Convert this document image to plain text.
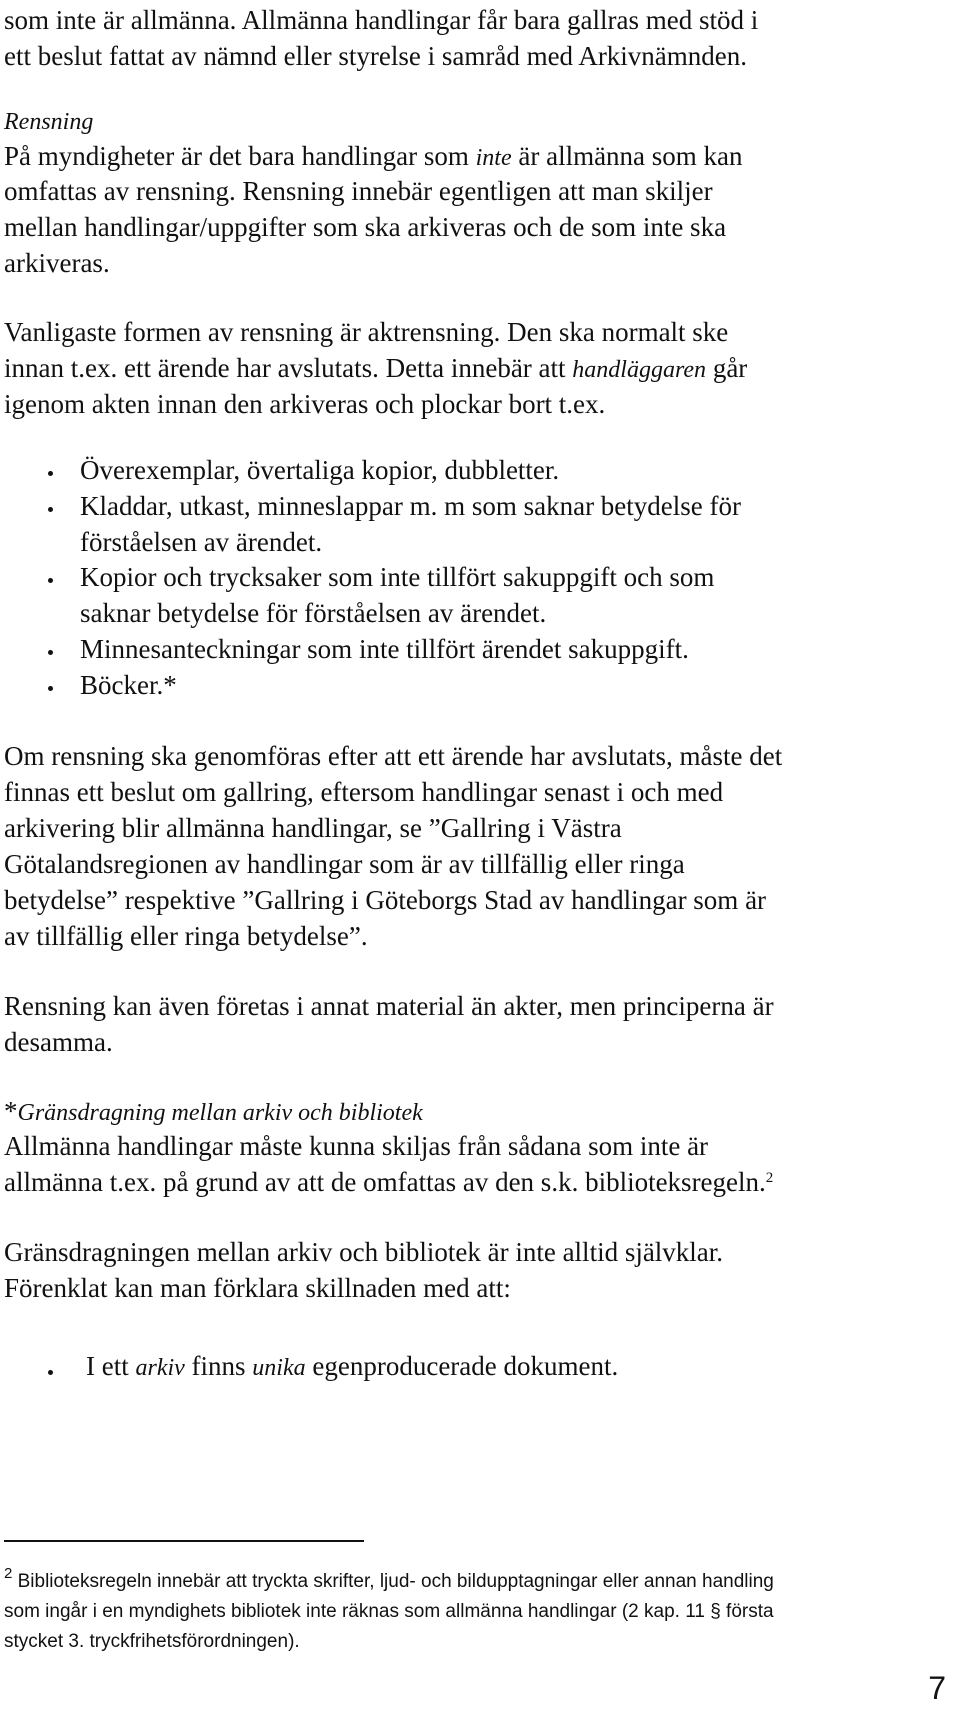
som inte är allmänna. Allmänna handlingar får bara gallras med stöd i
ett beslut fattat av nämnd eller styrelse i samråd med Arkivnämnden.
Rensning
På myndigheter är det bara handlingar som inte är allmänna som kan
omfattas av rensning. Rensning innebär egentligen att man skiljer
mellan handlingar/uppgifter som ska arkiveras och de som inte ska
arkiveras.
Vanligaste formen av rensning är aktrensning. Den ska normalt ske
innan t.ex. ett ärende har avslutats. Detta innebär att handläggaren går
igenom akten innan den arkiveras och plockar bort t.ex.
Överexemplar, övertaliga kopior, dubbletter.
Kladdar, utkast, minneslappar m. m som saknar betydelse för
förståelsen av ärendet.
Kopior och trycksaker som inte tillfört sakuppgift och som
saknar betydelse för förståelsen av ärendet.
Minnesanteckningar som inte tillfört ärendet sakuppgift.
Böcker.*
Om rensning ska genomföras efter att ett ärende har avslutats, måste det
finnas ett beslut om gallring, eftersom handlingar senast i och med
arkivering blir allmänna handlingar, se ”Gallring i Västra
Götalandsregionen av handlingar som är av tillfällig eller ringa
betydelse” respektive ”Gallring i Göteborgs Stad av handlingar som är
av tillfällig eller ringa betydelse”.
Rensning kan även företas i annat material än akter, men principerna är
desamma.
*Gränsdragning mellan arkiv och bibliotek
Allmänna handlingar måste kunna skiljas från sådana som inte är
allmänna t.ex. på grund av att de omfattas av den s.k. biblioteksregeln.$^2$
Gränsdragningen mellan arkiv och bibliotek är inte alltid självklar.
Förenklat kan man förklara skillnaden med att:
I ett arkiv finns unika egenproducerade dokument.
$^2$ Biblioteksregeln innebär att tryckta skrifter, ljud- och bildupptagningar eller annan handling
som ingår i en myndighets bibliotek inte räknas som allmänna handlingar (2 kap. 11 § första
stycket 3. tryckfrihetsförordningen).
7
